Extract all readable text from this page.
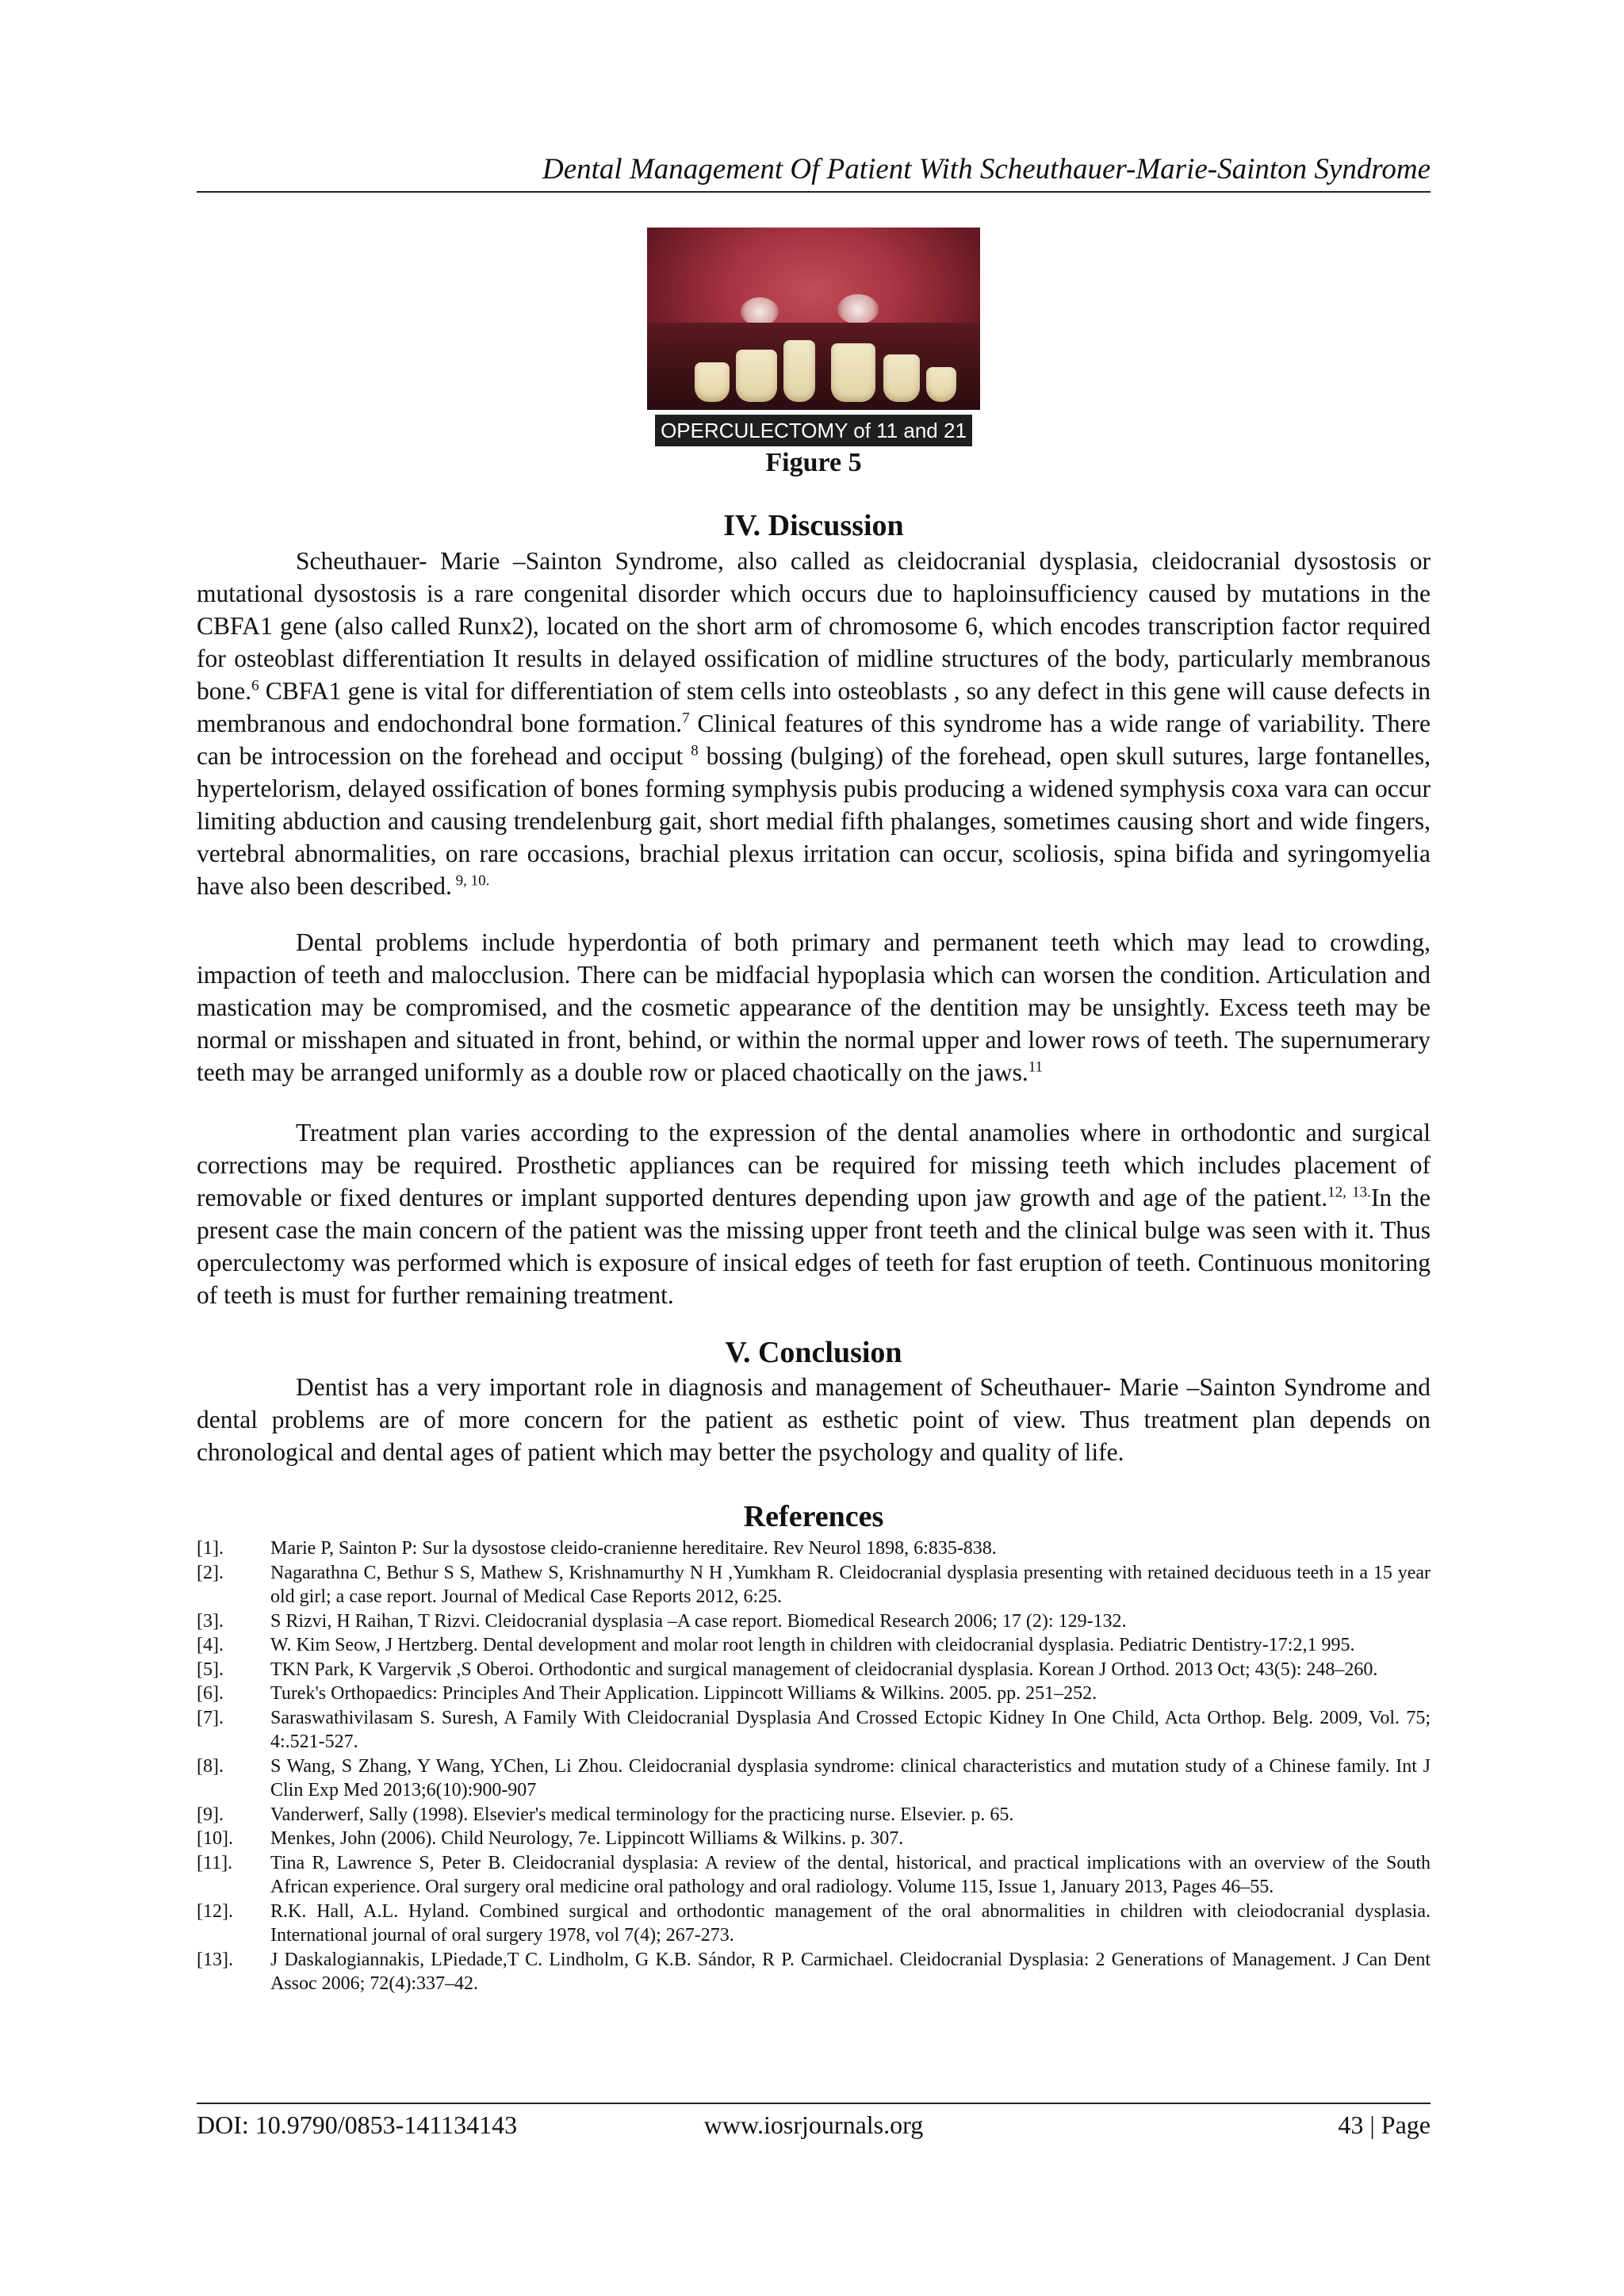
Dental Management Of Patient With Scheuthauer-Marie-Sainton Syndrome
OPERCULECTOMY of 11 and 21
Figure 5
IV. Discussion

Scheuthauer- Marie –Sainton Syndrome, also called as cleidocranial dysplasia, cleidocranial dysostosis or mutational dysostosis is a rare congenital disorder which occurs due to haploinsufficiency caused by mutations in the CBFA1 gene (also called Runx2), located on the short arm of chromosome 6, which encodes transcription factor required for osteoblast differentiation It results in delayed ossification of midline structures of the body, particularly membranous bone.$^6$ CBFA1 gene is vital for differentiation of stem cells into osteoblasts , so any defect in this gene will cause defects in membranous and endochondral bone formation.$^7$ Clinical features of this syndrome has a wide range of variability. There can be introcession on the forehead and occiput $^8$ bossing (bulging) of the forehead, open skull sutures, large fontanelles, hypertelorism, delayed ossification of bones forming symphysis pubis producing a widened symphysis coxa vara can occur limiting abduction and causing trendelenburg gait, short medial fifth phalanges, sometimes causing short and wide fingers, vertebral abnormalities, on rare occasions, brachial plexus irritation can occur, scoliosis, spina bifida and syringomyelia have also been described. $^{9, 10.}$

Dental problems include hyperdontia of both primary and permanent teeth which may lead to crowding, impaction of teeth and malocclusion. There can be midfacial hypoplasia which can worsen the condition. Articulation and mastication may be compromised, and the cosmetic appearance of the dentition may be unsightly. Excess teeth may be normal or misshapen and situated in front, behind, or within the normal upper and lower rows of teeth. The supernumerary teeth may be arranged uniformly as a double row or placed chaotically on the jaws.$^{11}$

Treatment plan varies according to the expression of the dental anamolies where in orthodontic and surgical corrections may be required. Prosthetic appliances can be required for missing teeth which includes placement of removable or fixed dentures or implant supported dentures depending upon jaw growth and age of the patient.$^{12, 13.}$In the present case the main concern of the patient was the missing upper front teeth and the clinical bulge was seen with it. Thus operculectomy was performed which is exposure of insical edges of teeth for fast eruption of teeth. Continuous monitoring of teeth is must for further remaining treatment.

V. Conclusion

Dentist has a very important role in diagnosis and management of Scheuthauer- Marie –Sainton Syndrome and dental problems are of more concern for the patient as esthetic point of view. Thus treatment plan depends on chronological and dental ages of patient which may better the psychology and quality of life.

References
[1].	Marie P, Sainton P: Sur la dysostose cleido-cranienne hereditaire. Rev Neurol 1898, 6:835-838.
[2].	Nagarathna C, Bethur S S, Mathew S, Krishnamurthy N H ,Yumkham R. Cleidocranial dysplasia presenting with retained deciduous teeth in a 15 year old girl; a case report. Journal of Medical Case Reports 2012, 6:25.
[3].	S Rizvi, H Raihan, T Rizvi. Cleidocranial dysplasia –A case report. Biomedical Research 2006; 17 (2): 129-132.
[4].	W. Kim Seow, J Hertzberg. Dental development and molar root length in children with cleidocranial dysplasia. Pediatric Dentistry-17:2,1 995.
[5].	TKN Park, K Vargervik ,S Oberoi. Orthodontic and surgical management of cleidocranial dysplasia. Korean J Orthod. 2013 Oct; 43(5): 248–260.
[6].	Turek's Orthopaedics: Principles And Their Application. Lippincott Williams & Wilkins. 2005. pp. 251–252.
[7].	Saraswathivilasam S. Suresh, A Family With Cleidocranial Dysplasia And Crossed Ectopic Kidney In One Child, Acta Orthop. Belg. 2009, Vol. 75; 4:.521-527.
[8].	S Wang, S Zhang, Y Wang, YChen, Li Zhou. Cleidocranial dysplasia syndrome: clinical characteristics and mutation study of a Chinese family. Int J Clin Exp Med 2013;6(10):900-907
[9].	Vanderwerf, Sally (1998). Elsevier's medical terminology for the practicing nurse. Elsevier. p. 65.
[10].	Menkes, John (2006). Child Neurology, 7e. Lippincott Williams & Wilkins. p. 307.
[11].	Tina R, Lawrence S, Peter B. Cleidocranial dysplasia: A review of the dental, historical, and practical implications with an overview of the South African experience. Oral surgery oral medicine oral pathology and oral radiology. Volume 115, Issue 1, January 2013, Pages 46–55.
[12].	R.K. Hall, A.L. Hyland. Combined surgical and orthodontic management of the oral abnormalities in children with cleiodocranial dysplasia. International journal of oral surgery 1978, vol 7(4); 267-273.
[13].	J Daskalogiannakis, LPiedade,T C. Lindholm, G K.B. Sándor, R P. Carmichael. Cleidocranial Dysplasia: 2 Generations of Management. J Can Dent Assoc 2006; 72(4):337–42.
DOI: 10.9790/0853-141134143	www.iosrjournals.org	43 | Page
